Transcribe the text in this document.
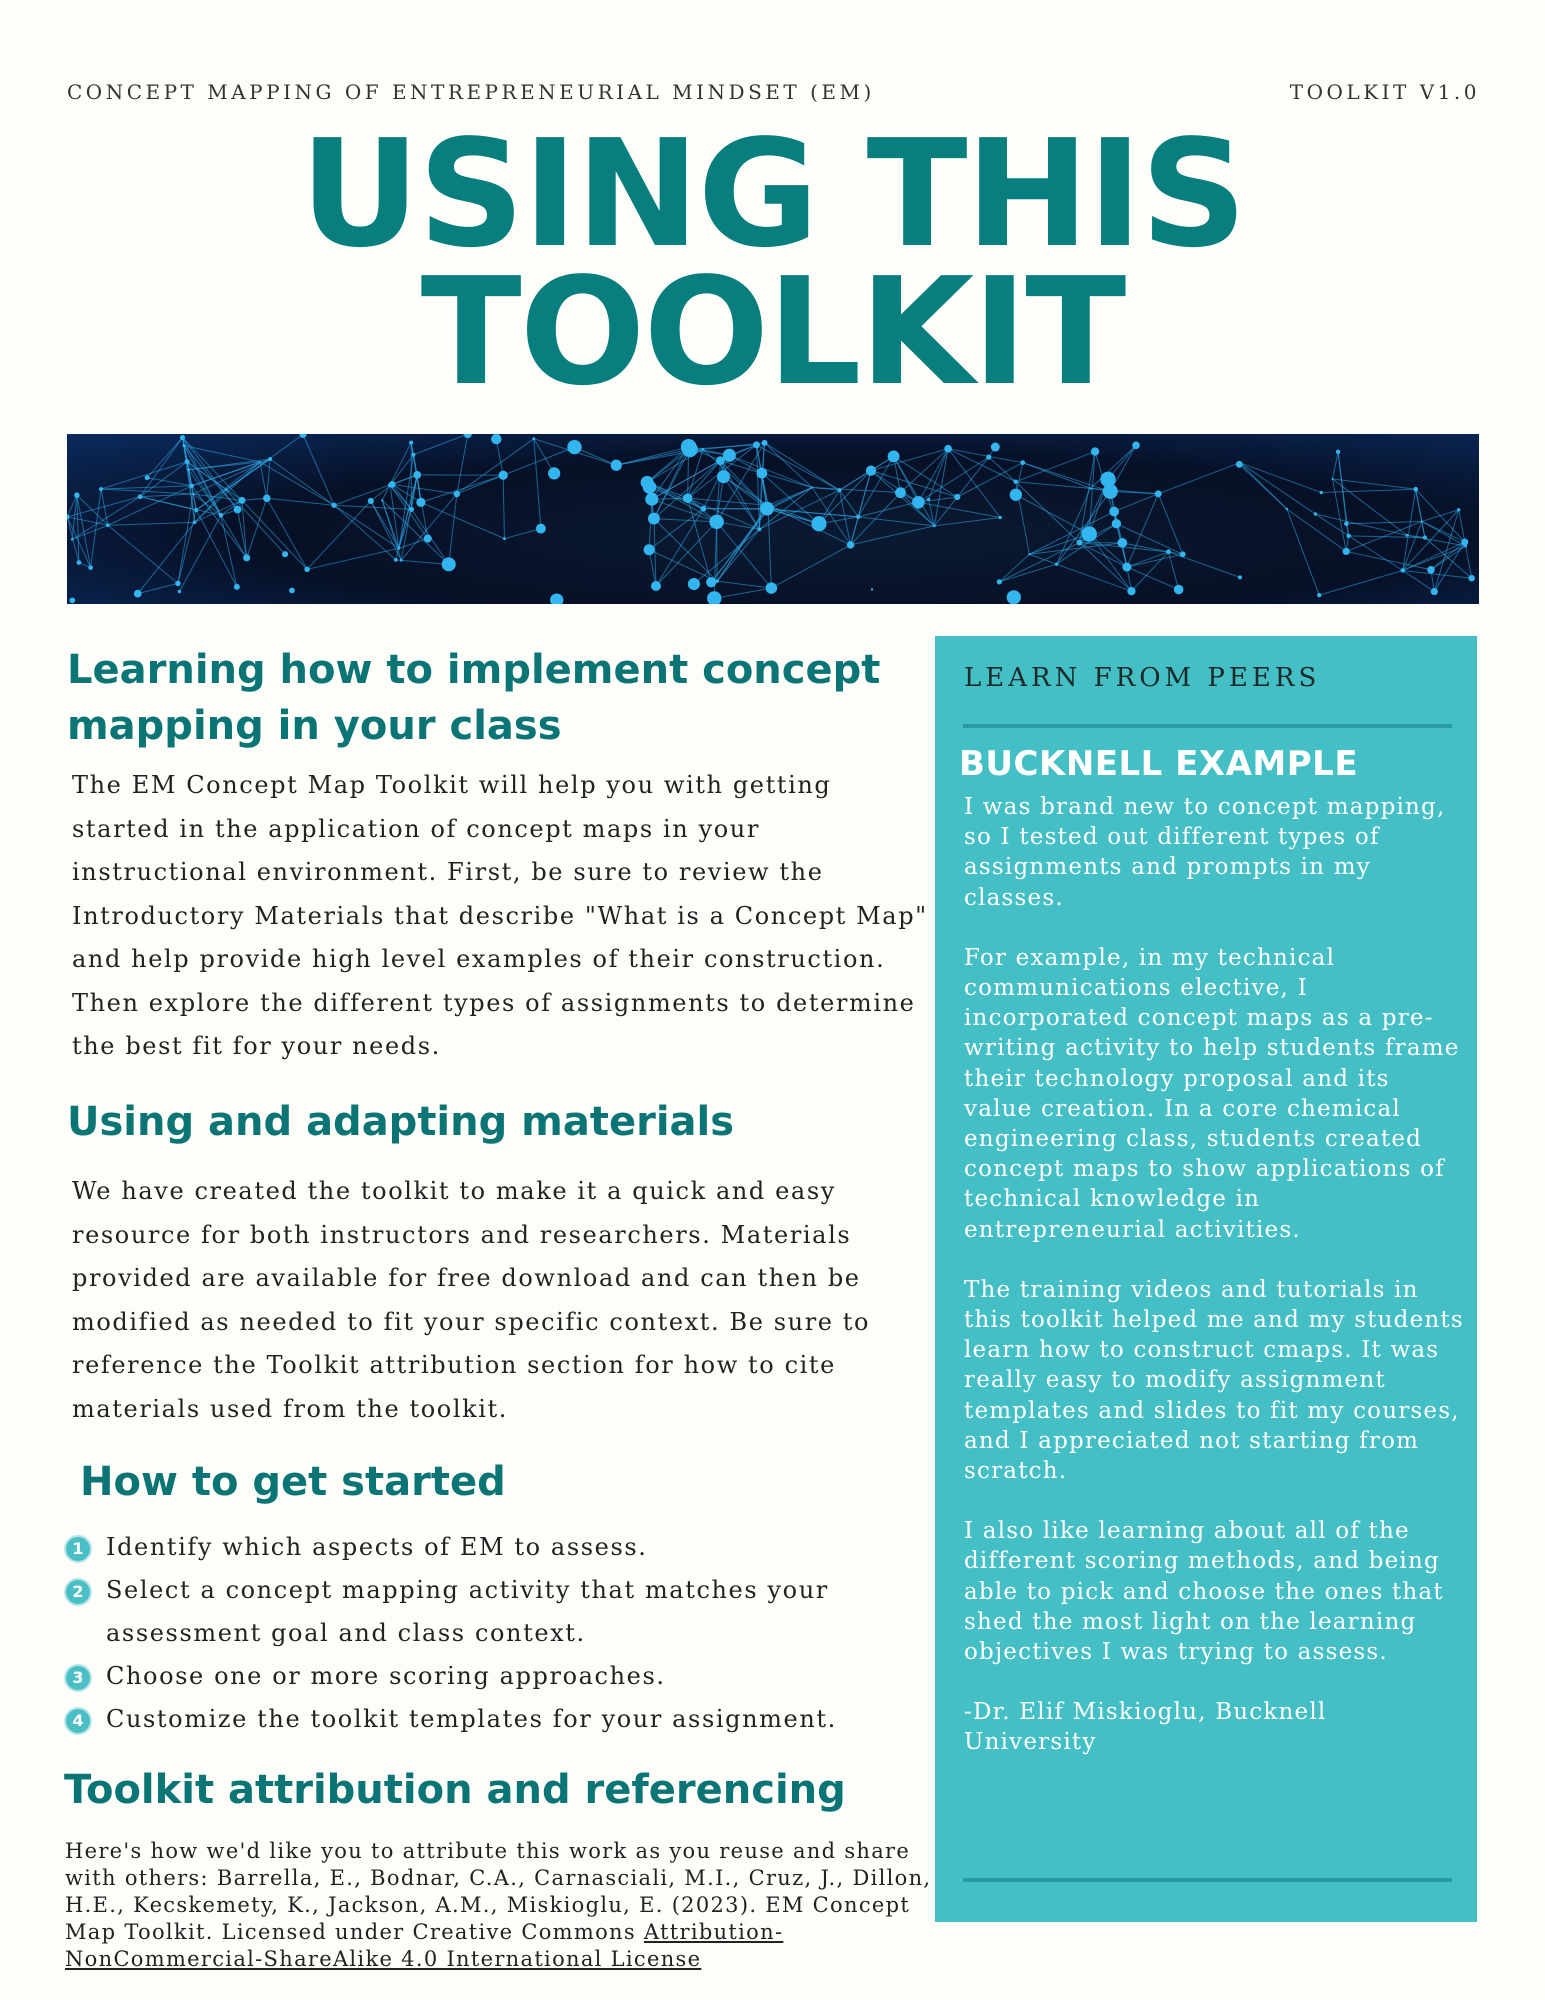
CONCEPT MAPPING OF ENTREPRENEURIAL MINDSET (EM)	TOOLKIT V1.0
USING THIS
TOOLKIT
Learning how to implement concept mapping in your class
The EM Concept Map Toolkit will help you with getting started in the application of concept maps in your instructional environment. First, be sure to review the Introductory Materials that describe "What is a Concept Map" and help provide high level examples of their construction. Then explore the different types of assignments to determine the best fit for your needs.
Using and adapting materials
We have created the toolkit to make it a quick and easy resource for both instructors and researchers. Materials provided are available for free download and can then be modified as needed to fit your specific context. Be sure to reference the Toolkit attribution section for how to cite materials used from the toolkit.
How to get started
1 Identify which aspects of EM to assess.
2 Select a concept mapping activity that matches your assessment goal and class context.
3 Choose one or more scoring approaches.
4 Customize the toolkit templates for your assignment.
Toolkit attribution and referencing
Here's how we'd like you to attribute this work as you reuse and share with others: Barrella, E., Bodnar, C.A., Carnasciali, M.I., Cruz, J., Dillon, H.E., Kecskemety, K., Jackson, A.M., Miskioglu, E. (2023). EM Concept Map Toolkit. Licensed under Creative Commons Attribution-NonCommercial-ShareAlike 4.0 International License
LEARN FROM PEERS
BUCKNELL EXAMPLE

I was brand new to concept mapping, so I tested out different types of assignments and prompts in my classes.

For example, in my technical communications elective, I incorporated concept maps as a pre-writing activity to help students frame their technology proposal and its value creation. In a core chemical engineering class, students created concept maps to show applications of technical knowledge in entrepreneurial activities.

The training videos and tutorials in this toolkit helped me and my students learn how to construct cmaps. It was really easy to modify assignment templates and slides to fit my courses, and I appreciated not starting from scratch.

I also like learning about all of the different scoring methods, and being able to pick and choose the ones that shed the most light on the learning objectives I was trying to assess.

-Dr. Elif Miskioglu, Bucknell University
